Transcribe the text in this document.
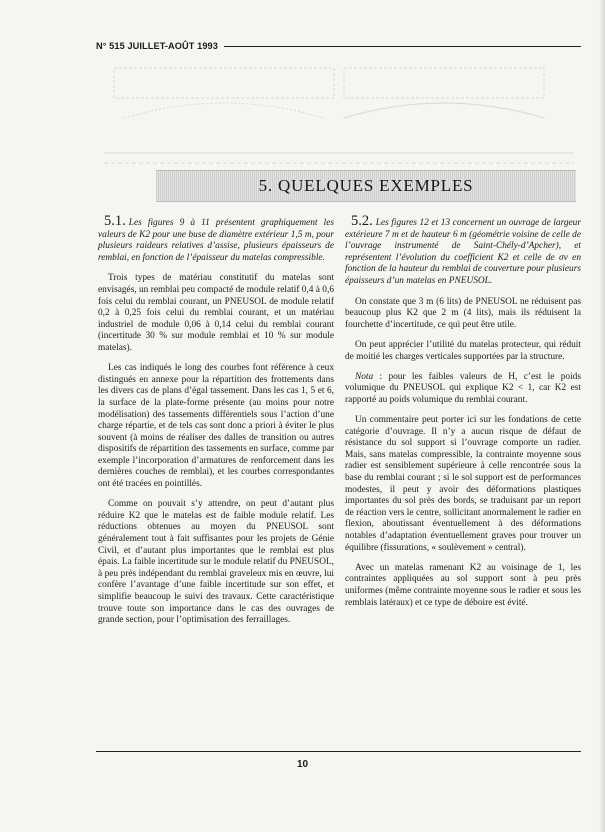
N° 515 JUILLET-AOÛT 1993
5. QUELQUES EXEMPLES

5.1. Les figures 9 à 11 présentent graphiquement les valeurs de K2 pour une buse de diamètre extérieur 1,5 m, pour plusieurs raideurs relatives d’assise, plusieurs épaisseurs de remblai, en fonction de l’épaisseur du matelas compressible.

Trois types de matériau constitutif du matelas sont envisagés, un remblai peu compacté de module relatif 0,4 à 0,6 fois celui du remblai courant, un PNEUSOL de module relatif 0,2 à 0,25 fois celui du remblai courant, et un matériau industriel de module 0,06 à 0,14 celui du remblai courant (incertitude 30 % sur module remblai et 10 % sur module matelas).

Les cas indiqués le long des courbes font référence à ceux distingués en annexe pour la répartition des frottements dans les divers cas de plans d’égal tassement. Dans les cas 1, 5 et 6, la surface de la plate-forme présente (au moins pour notre modélisation) des tassements différentiels sous l’action d’une charge répartie, et de tels cas sont donc a priori à éviter le plus souvent (à moins de réaliser des dalles de transition ou autres dispositifs de répartition des tassements en surface, comme par exemple l’incorporation d’armatures de renforcement dans les dernières couches de remblai), et les courbes correspondantes ont été tracées en pointillés.

Comme on pouvait s’y attendre, on peut d’autant plus réduire K2 que le matelas est de faible module relatif. Les réductions obtenues au moyen du PNEUSOL sont généralement tout à fait suffisantes pour les projets de Génie Civil, et d’autant plus importantes que le remblai est plus épais. La faible incertitude sur le module relatif du PNEUSOL, à peu près indépendant du remblai graveleux mis en œuvre, lui confère l’avantage d’une faible incertitude sur son effet, et simplifie beaucoup le suivi des travaux. Cette caractéristique trouve toute son importance dans le cas des ouvrages de grande section, pour l’optimisation des ferraillages.

5.2. Les figures 12 et 13 concernent un ouvrage de largeur extérieure 7 m et de hauteur 6 m (géométrie voisine de celle de l’ouvrage instrumenté de Saint-Chély-d’Apcher), et représentent l’évolution du coefficient K2 et celle de σv en fonction de la hauteur du remblai de couverture pour plusieurs épaisseurs d’un matelas en PNEUSOL.

On constate que 3 m (6 lits) de PNEUSOL ne réduisent pas beaucoup plus K2 que 2 m (4 lits), mais ils réduisent la fourchette d’incertitude, ce qui peut être utile.

On peut apprécier l’utilité du matelas protecteur, qui réduit de moitié les charges verticales supportées par la structure.

Nota : pour les faibles valeurs de H, c’est le poids volumique du PNEUSOL qui explique K2 < 1, car K2 est rapporté au poids volumique du remblai courant.

Un commentaire peut porter ici sur les fondations de cette catégorie d’ouvrage. Il n’y a aucun risque de défaut de résistance du sol support si l’ouvrage comporte un radier. Mais, sans matelas compressible, la contrainte moyenne sous radier est sensiblement supérieure à celle rencontrée sous la base du remblai courant ; si le sol support est de performances modestes, il peut y avoir des déformations plastiques importantes du sol près des bords, se traduisant par un report de réaction vers le centre, sollicitant anormalement le radier en flexion, aboutissant éventuellement à des déformations notables d’adaptation éventuellement graves pour trouver un équilibre (fissurations, « soulèvement » central).

Avec un matelas ramenant K2 au voisinage de 1, les contraintes appliquées au sol support sont à peu près uniformes (même contrainte moyenne sous le radier et sous les remblais latéraux) et ce type de déboire est évité.

10
